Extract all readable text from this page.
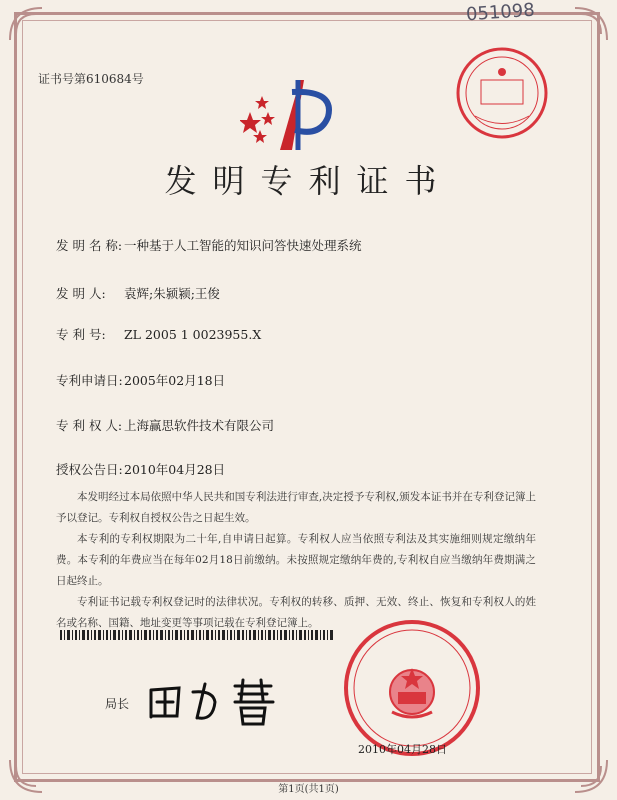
051098
证书号第610684号
发明专利证书
发 明 名 称: 一种基于人工智能的知识问答快速处理系统
发 明 人: 袁辉;朱颍颍;王俊
专 利 号: ZL 2005 1 0023955.X
专利申请日:2005年02月18日
专 利 权 人: 上海赢思软件技术有限公司
授权公告日:2010年04月28日

本发明经过本局依照中华人民共和国专利法进行审查,决定授予专利权,颁发本证书并在专利登记簿上予以登记。专利权自授权公告之日起生效。

本专利的专利权期限为二十年,自申请日起算。专利权人应当依照专利法及其实施细则规定缴纳年费。本专利的年费应当在每年02月18日前缴纳。未按照规定缴纳年费的,专利权自应当缴纳年费期满之日起终止。

专利证书记载专利权登记时的法律状况。专利权的转移、质押、无效、终止、恢复和专利权人的姓名或名称、国籍、地址变更等事项记载在专利登记簿上。

局长
2010年04月28日
第1页(共1页)
